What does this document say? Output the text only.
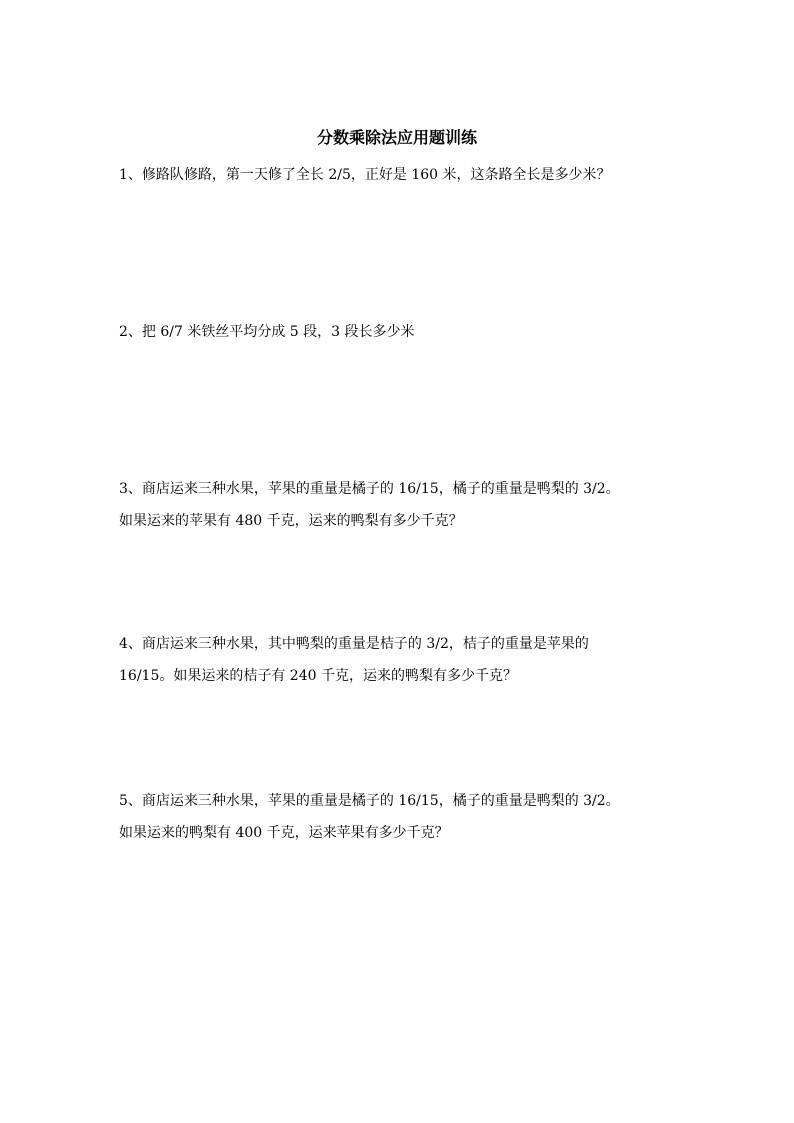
分数乘除法应用题训练
1、修路队修路，第一天修了全长 2/5，正好是 160 米，这条路全长是多少米？
2、把 6/7 米铁丝平均分成 5 段，3 段长多少米
3、商店运来三种水果，苹果的重量是橘子的 16/15，橘子的重量是鸭梨的 3/2。
如果运来的苹果有 480 千克，运来的鸭梨有多少千克？
4、商店运来三种水果，其中鸭梨的重量是桔子的 3/2，桔子的重量是苹果的
16/15。如果运来的桔子有 240 千克，运来的鸭梨有多少千克？
5、商店运来三种水果，苹果的重量是橘子的 16/15，橘子的重量是鸭梨的 3/2。
如果运来的鸭梨有 400 千克，运来苹果有多少千克？
